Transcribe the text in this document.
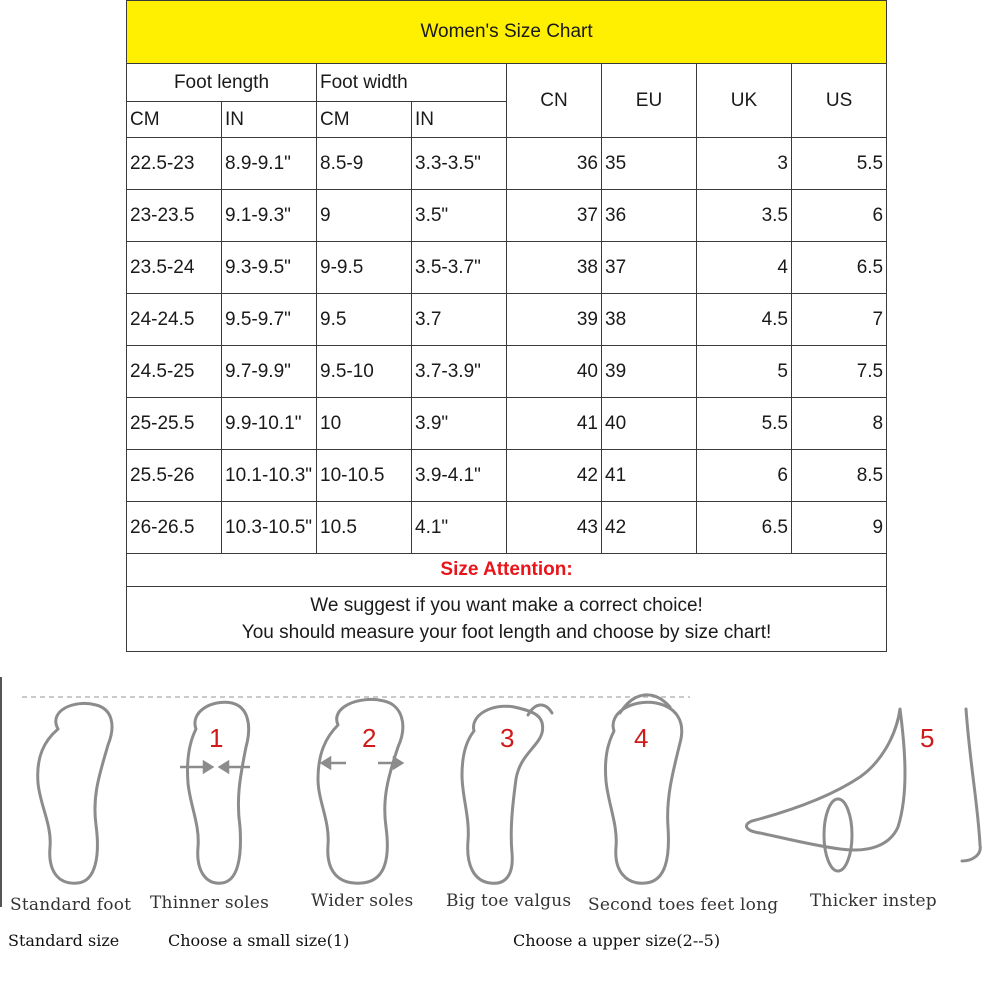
Women's Size Chart							
Foot length		Foot width		CN	EU	UK	US
CM	IN	CM	IN				
22.5-23	8.9-9.1"	8.5-9	3.3-3.5"	36	35	3	5.5
23-23.5	9.1-9.3"	9	3.5"	37	36	3.5	6
23.5-24	9.3-9.5"	9-9.5	3.5-3.7"	38	37	4	6.5
24-24.5	9.5-9.7"	9.5	3.7	39	38	4.5	7
24.5-25	9.7-9.9"	9.5-10	3.7-3.9"	40	39	5	7.5
25-25.5	9.9-10.1"	10	3.9"	41	40	5.5	8
25.5-26	10.1-10.3"	10-10.5	3.9-4.1"	42	41	6	8.5
26-26.5	10.3-10.5"	10.5	4.1"	43	42	6.5	9
Size Attention:							

We suggest if you want make a correct choice!
You should measure your foot length and choose by size chart!							
1	2	3	4	5
Standard foot Thinner soles Wider soles Big toe valgus Second toes feet long Thicker instep
Standard size	Choose a small size(1)	Choose a upper size(2--5)
